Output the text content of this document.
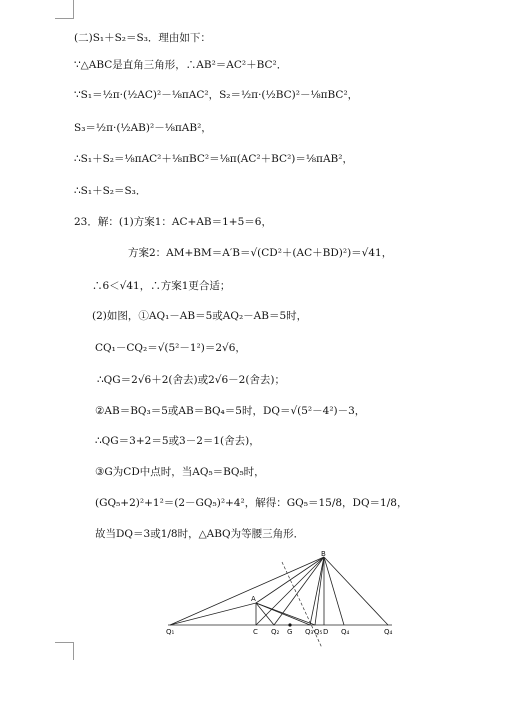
(二)S₁＋S₂＝S₃．理由如下：
∵△ABC是直角三角形，∴AB²＝AC²＋BC²．
∵S₁＝½π·(½AC)²－⅛πAC²，S₂＝½π·(½BC)²－⅛πBC²，
S₃＝½π·(½AB)²－⅛πAB²，
∴S₁＋S₂＝⅛πAC²＋⅛πBC²＝⅛π(AC²＋BC²)＝⅛πAB²，
∴S₁＋S₂＝S₃．
23．解：(1)方案1：AC+AB＝1+5＝6，
方案2：AM+BM＝A′B＝√(CD²＋(AC＋BD)²)＝√41，
∴6＜√41，∴方案1更合适；
(2)如图，①AQ₁－AB＝5或AQ₂－AB＝5时，
CQ₁－CQ₂＝√(5²－1²)＝2√6，
∴QG＝2√6＋2(舍去)或2√6－2(舍去)；
②AB＝BQ₃＝5或AB＝BQ₄＝5时，DQ＝√(5²－4²)－3，
∴QG＝3+2＝5或3－2＝1(舍去)，
③G为CD中点时，当AQ₅＝BQ₅时，
(GQ₅+2)²+1²＝(2－GQ₅)²+4²，解得：GQ₅＝15/8，DQ＝1/8，
故当DQ＝3或1/8时，△ABQ为等腰三角形．
B
A
Q₁	C Q₂ G Q₃ Q₅ D Q₄	Q₄
